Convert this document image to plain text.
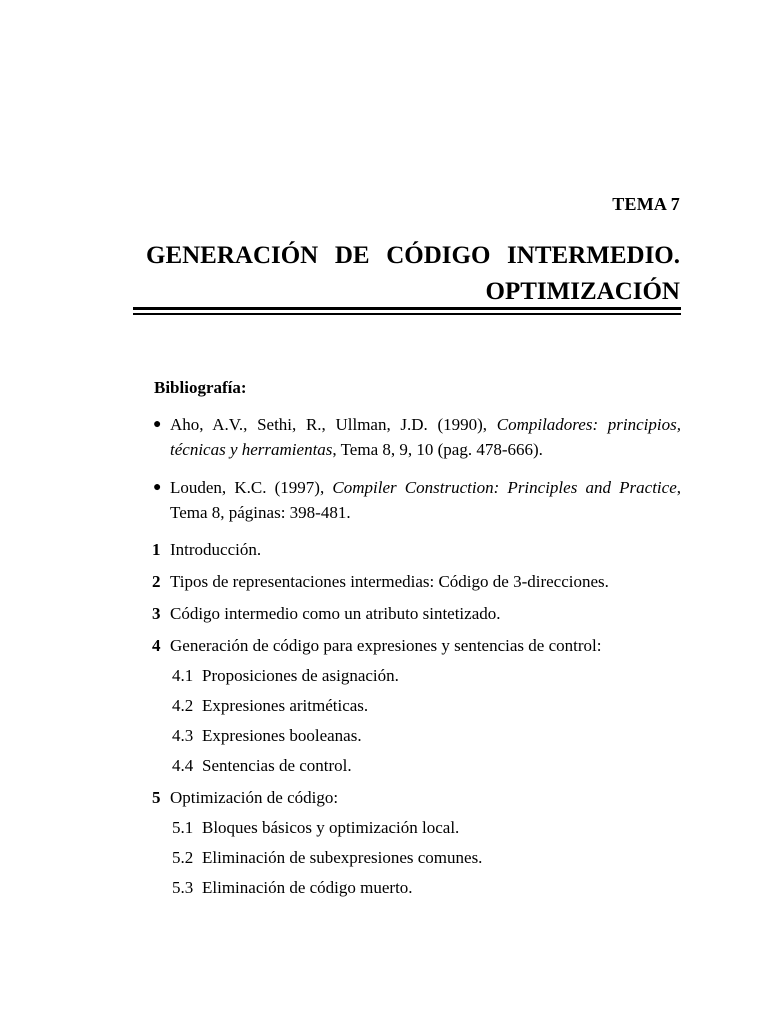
TEMA 7
GENERACIÓN DE CÓDIGO INTERMEDIO.
OPTIMIZACIÓN
Bibliografía:
● Aho, A.V., Sethi, R., Ullman, J.D. (1990), Compiladores: principios, técnicas y herramientas, Tema 8, 9, 10 (pag. 478-666).
● Louden, K.C. (1997), Compiler Construction: Principles and Practice, Tema 8, páginas: 398-481.
1 Introducción.
2 Tipos de representaciones intermedias: Código de 3-direcciones.
3 Código intermedio como un atributo sintetizado.
4 Generación de código para expresiones y sentencias de control:
4.1 Proposiciones de asignación.
4.2 Expresiones aritméticas.
4.3 Expresiones booleanas.
4.4 Sentencias de control.
5 Optimización de código:
5.1 Bloques básicos y optimización local.
5.2 Eliminación de subexpresiones comunes.
5.3 Eliminación de código muerto.
